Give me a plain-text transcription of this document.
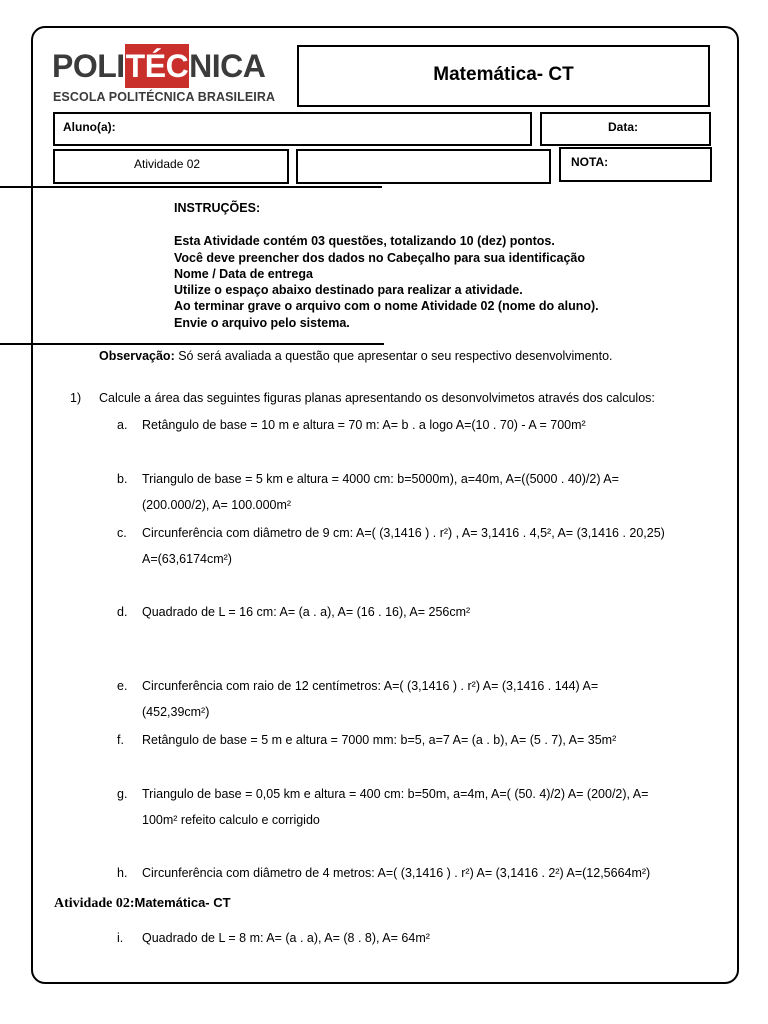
POLI TÉC NICA
ESCOLA POLITÉCNICA BRASILEIRA
Matemática- CT
Aluno(a):	Data:
Atividade 02	NOTA:
INSTRUÇÕES:
Esta Atividade contém 03 questões, totalizando 10 (dez) pontos.
Você deve preencher dos dados no Cabeçalho para sua identificação
Nome / Data de entrega
Utilize o espaço abaixo destinado para realizar a atividade.
Ao terminar grave o arquivo com o nome Atividade 02 (nome do aluno).
Envie o arquivo pelo sistema.
Observação: Só será avaliada a questão que apresentar o seu respectivo desenvolvimento.
1) Calcule a área das seguintes figuras planas apresentando os desonvolvimetos através dos calculos:
a. Retângulo de base = 10 m e altura = 70 m: A= b . a logo A=(10 . 70) - A = 700m²
b. Triangulo de base = 5 km e altura = 4000 cm: b=5000m), a=40m, A=((5000 . 40)/2) A= (200.000/2), A= 100.000m²
c. Circunferência com diâmetro de 9 cm: A=( (3,1416 ) . r²) , A= 3,1416 . 4,5², A= (3,1416 . 20,25) A=(63,6174cm²)
d. Quadrado de L = 16 cm: A= (a . a), A= (16 . 16), A= 256cm²
e. Circunferência com raio de 12 centímetros: A=( (3,1416 ) . r²) A= (3,1416 . 144) A=(452,39cm²)
f. Retângulo de base = 5 m e altura = 7000 mm: b=5, a=7 A= (a . b), A= (5 . 7), A= 35m²
g. Triangulo de base = 0,05 km e altura = 400 cm: b=50m, a=4m, A=( (50. 4)/2) A= (200/2), A= 100m² refeito calculo e corrigido
h. Circunferência com diâmetro de 4 metros: A=( (3,1416 ) . r²) A= (3,1416 . 2²) A=(12,5664m²)
Atividade 02:Matemática- CT
i. Quadrado de L = 8 m: A= (a . a), A= (8 . 8), A= 64m²
